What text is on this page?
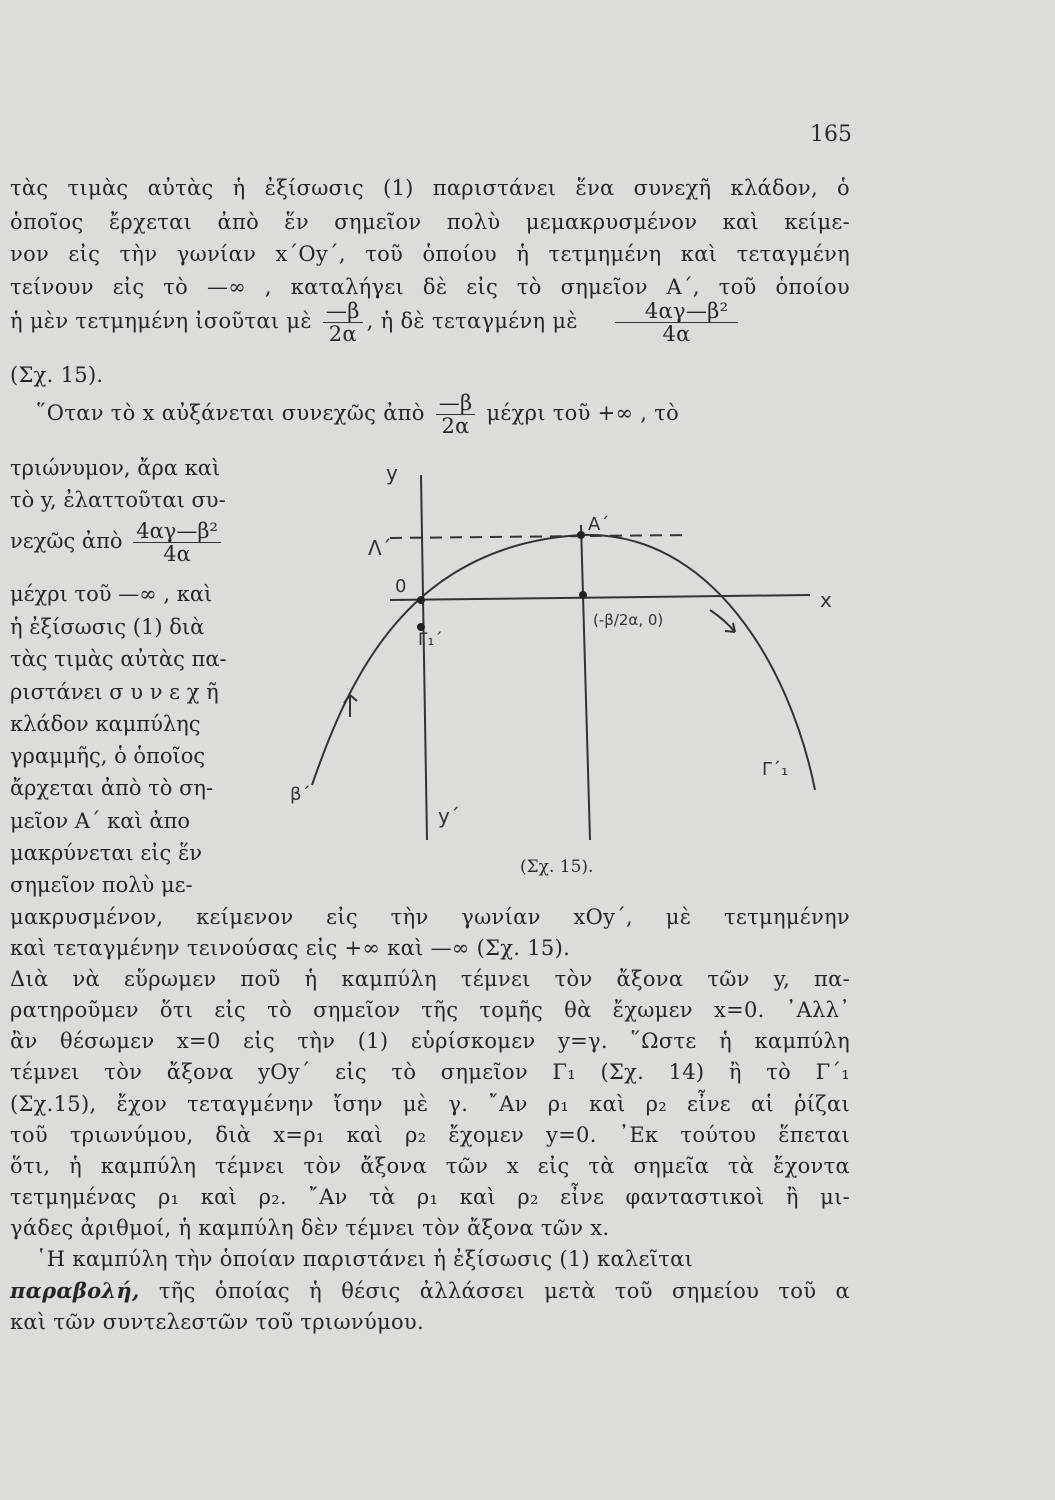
165
τὰς τιμὰς αὐτὰς ἡ ἐξίσωσις (1) παριστάνει ἕνα συνεχῆ κλάδον, ὁ
ὁποῖος ἔρχεται ἀπὸ ἕν σημεῖον πολὺ μεμακρυσμένον καὶ κείμε-
νον εἰς τὴν γωνίαν x΄Oy΄, τοῦ ὁποίου ἡ τετμημένη καὶ τεταγμένη
τείνουν εἰς τὸ —∞ , καταλήγει δὲ εἰς τὸ σημεῖον Α΄, τοῦ ὁποίου
ἡ μὲν τετμημένη ἰσοῦται μὲ $\frac{—\beta}{2\alpha}$ , ἡ δὲ τεταγμένη μὲ $\frac{\text{4αγ—β²}}{4\alpha}$
(Σχ. 15).
῞Οταν τὸ x αὐξάνεται συνεχῶς ἀπὸ $\frac{—\beta}{2\alpha}$ μέχρι τοῦ +∞ , τὸ
τριώνυμον, ἄρα καὶ
τὸ y, ἐλαττοῦται συ-
νεχῶς ἀπὸ $\frac{\text{4αγ—β²}}{4\alpha}$
μέχρι τοῦ —∞ , καὶ
ἡ ἐξίσωσις (1) διὰ
τὰς τιμὰς αὐτὰς πα-
ριστάνει σ υ ν ε χ ῆ
κλάδον καμπύλης
γραμμῆς, ὁ ὁποῖος
ἄρχεται ἀπὸ τὸ ση-
μεῖον Α΄ καὶ ἀπο
μακρύνεται εἰς ἕν
σημεῖον πολὺ με-
y
Λ΄
0
A΄
x
Γ₁΄
(-β/2α, 0)
Γ΄₁
β΄
y΄
(Σχ. 15).
μακρυσμένον, κείμενον εἰς τὴν γωνίαν xOy΄, μὲ τετμημένην
καὶ τεταγμένην τεινούσας εἰς +∞ καὶ —∞ (Σχ. 15).
Διὰ νὰ εὕρωμεν ποῦ ἡ καμπύλη τέμνει τὸν ἄξονα τῶν y, πα-
ρατηροῦμεν ὅτι εἰς τὸ σημεῖον τῆς τομῆς θὰ ἔχωμεν x=0. ᾿Αλλ᾿
ἂν θέσωμεν x=0 εἰς τὴν (1) εὑρίσκομεν y=γ. ῞Ωστε ἡ καμπύλη
τέμνει τὸν ἄξονα yOy΄ εἰς τὸ σημεῖον Γ₁ (Σχ. 14) ἢ τὸ Γ΄₁
(Σχ.15), ἔχον τεταγμένην ἴσην μὲ γ. ῎Αν ρ₁ καὶ ρ₂ εἶνε αἱ ῥίζαι
τοῦ τριωνύμου, διὰ x=ρ₁ καὶ ρ₂ ἔχομεν y=0. ᾿Εκ τούτου ἕπεται
ὅτι, ἡ καμπύλη τέμνει τὸν ἄξονα τῶν x εἰς τὰ σημεῖα τὰ ἔχοντα
τετμημένας ρ₁ καὶ ρ₂. ῎Αν τὰ ρ₁ καὶ ρ₂ εἶνε φανταστικοὶ ἢ μι-
γάδες ἀριθμοί, ἡ καμπύλη δὲν τέμνει τὸν ἄξονα τῶν x.
῾Η καμπύλη τὴν ὁποίαν παριστάνει ἡ ἐξίσωσις (1) καλεῖται
παραβολή, τῆς ὁποίας ἡ θέσις ἀλλάσσει μετὰ τοῦ σημείου τοῦ α
καὶ τῶν συντελεστῶν τοῦ τριωνύμου.
